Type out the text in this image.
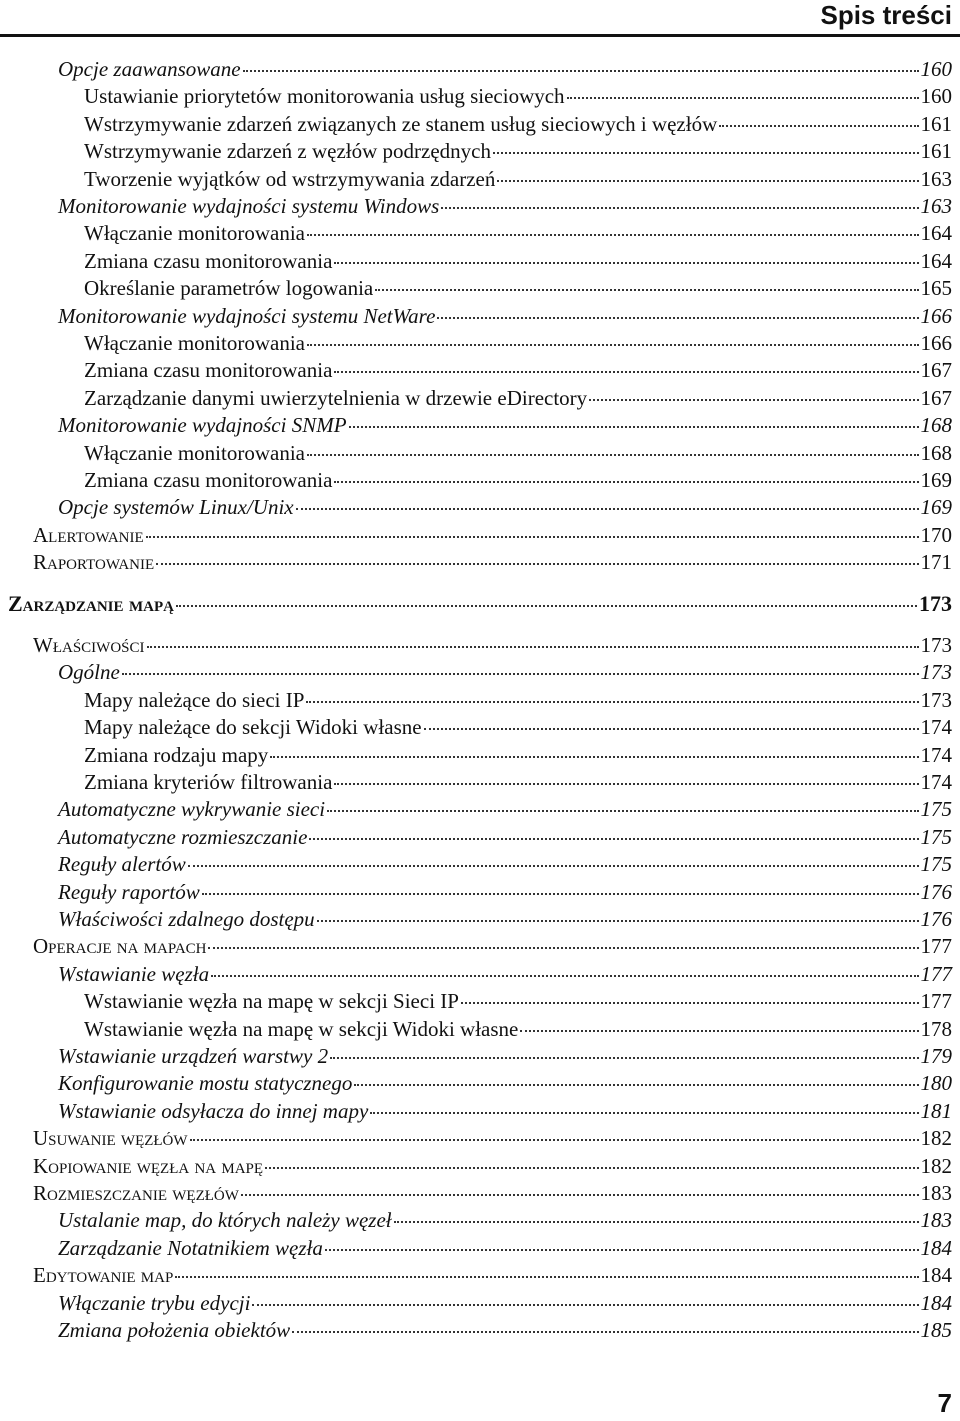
Spis treści
Opcje zaawansowane	160
Ustawianie priorytetów monitorowania usług sieciowych	160
Wstrzymywanie zdarzeń związanych ze stanem usług sieciowych i węzłów	161
Wstrzymywanie zdarzeń z węzłów podrzędnych	161
Tworzenie wyjątków od wstrzymywania zdarzeń	163
Monitorowanie wydajności systemu Windows	163
Włączanie monitorowania	164
Zmiana czasu monitorowania	164
Określanie parametrów logowania	165
Monitorowanie wydajności systemu NetWare	166
Włączanie monitorowania	166
Zmiana czasu monitorowania	167
Zarządzanie danymi uwierzytelnienia w drzewie eDirectory	167
Monitorowanie wydajności SNMP	168
Włączanie monitorowania	168
Zmiana czasu monitorowania	169
Opcje systemów Linux/Unix	169
Alertowanie	170
Raportowanie	171
Zarządzanie mapą	173
Właściwości	173
Ogólne	173
Mapy należące do sieci IP	173
Mapy należące do sekcji Widoki własne	174
Zmiana rodzaju mapy	174
Zmiana kryteriów filtrowania	174
Automatyczne wykrywanie sieci	175
Automatyczne rozmieszczanie	175
Reguły alertów	175
Reguły raportów	176
Właściwości zdalnego dostępu	176
Operacje na mapach	177
Wstawianie węzła	177
Wstawianie węzła na mapę w sekcji Sieci IP	177
Wstawianie węzła na mapę w sekcji Widoki własne	178
Wstawianie urządzeń warstwy 2	179
Konfigurowanie mostu statycznego	180
Wstawianie odsyłacza do innej mapy	181
Usuwanie węzłów	182
Kopiowanie węzła na mapę	182
Rozmieszczanie węzłów	183
Ustalanie map, do których należy węzeł	183
Zarządzanie Notatnikiem węzła	184
Edytowanie map	184
Włączanie trybu edycji	184
Zmiana położenia obiektów	185
7
